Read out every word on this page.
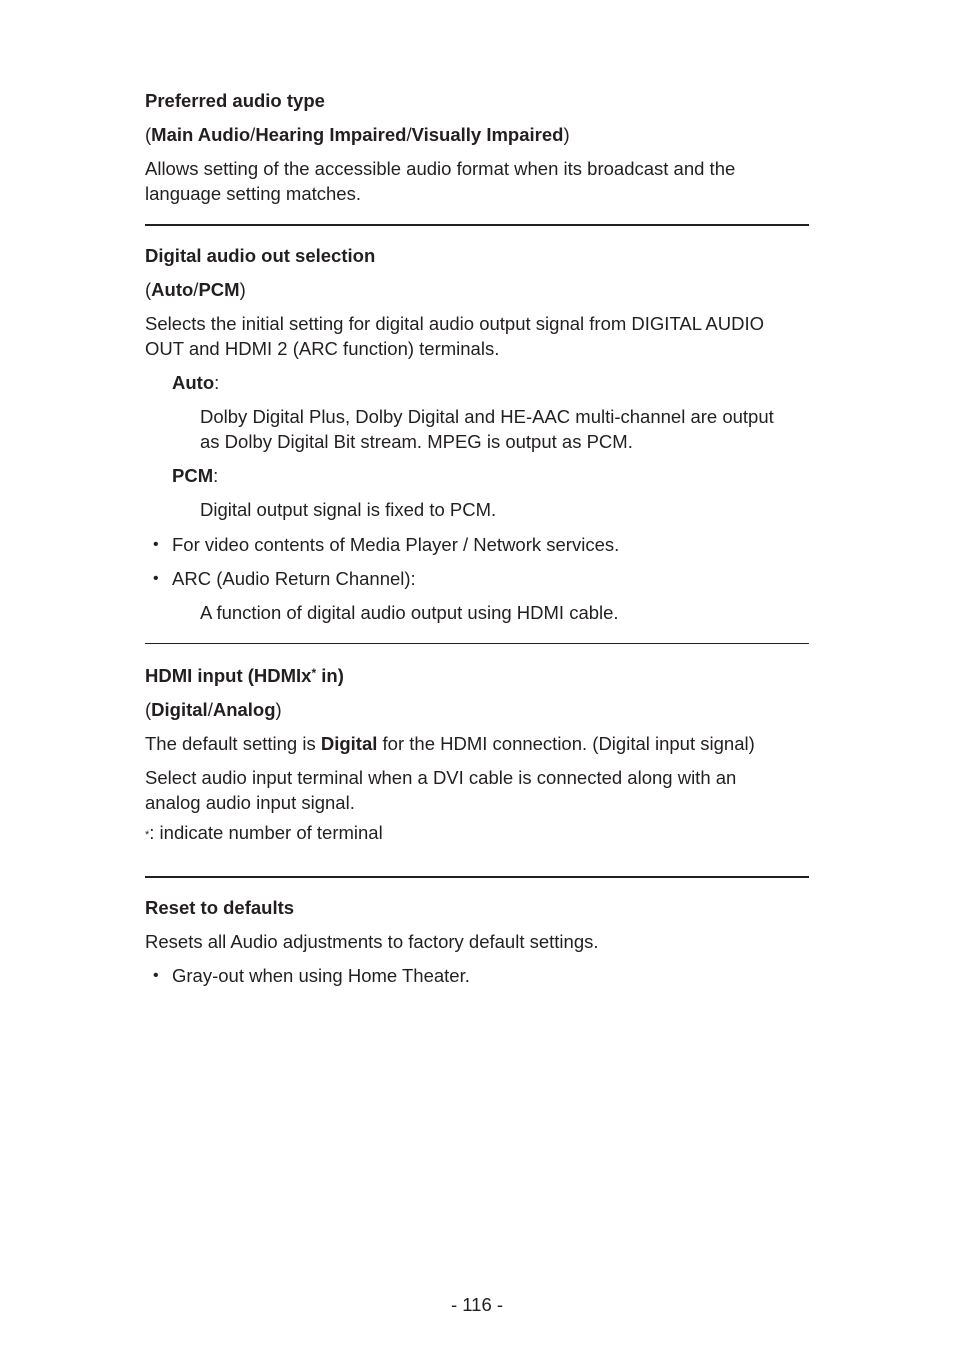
Preferred audio type
(Main Audio/Hearing Impaired/Visually Impaired)
Allows setting of the accessible audio format when its broadcast and the
language setting matches.
Digital audio out selection
(Auto/PCM)
Selects the initial setting for digital audio output signal from DIGITAL AUDIO
OUT and HDMI 2 (ARC function) terminals.
Auto:
Dolby Digital Plus, Dolby Digital and HE-AAC multi-channel are output
as Dolby Digital Bit stream. MPEG is output as PCM.
PCM:
Digital output signal is fixed to PCM.
• For video contents of Media Player / Network services.
• ARC (Audio Return Channel):
A function of digital audio output using HDMI cable.
HDMI input (HDMIx* in)
(Digital/Analog)
The default setting is Digital for the HDMI connection. (Digital input signal)
Select audio input terminal when a DVI cable is connected along with an
analog audio input signal.
*: indicate number of terminal
Reset to defaults
Resets all Audio adjustments to factory default settings.
• Gray-out when using Home Theater.
- 116 -
